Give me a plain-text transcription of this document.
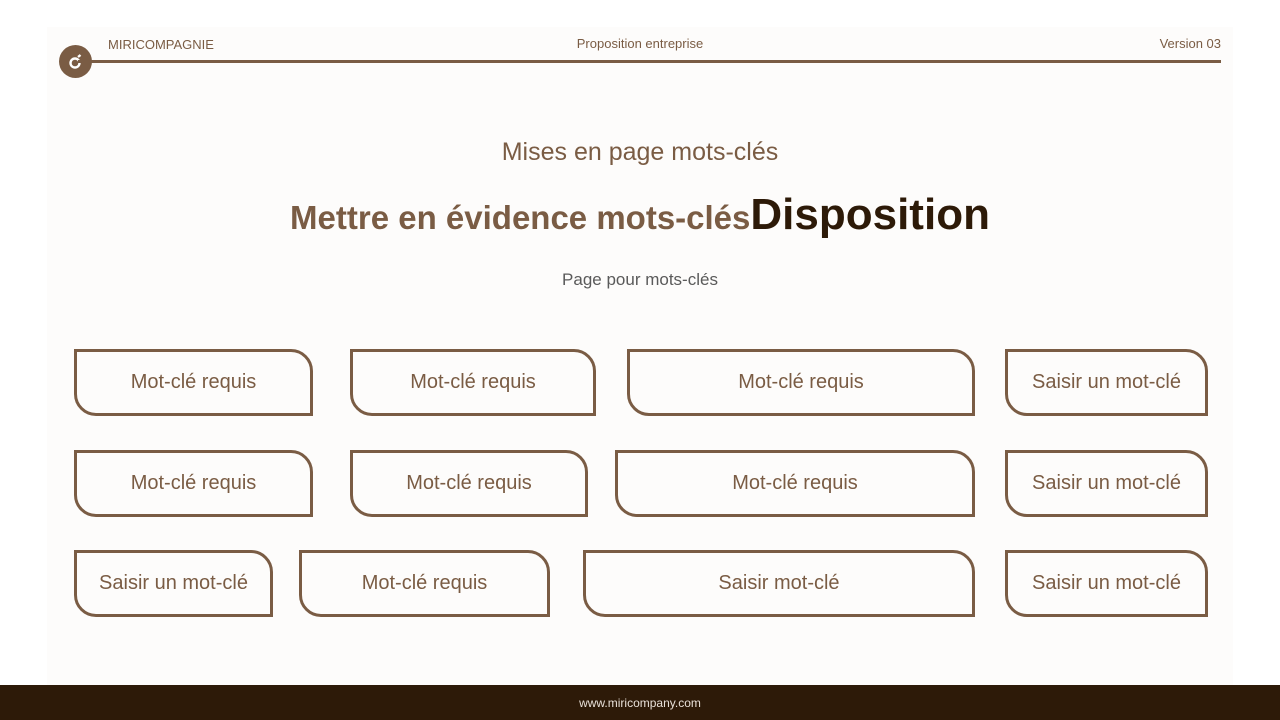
MIRICOMPAGNIE	Proposition entreprise	Version 03
Mises en page mots-clés
Mettre en évidence mots-clésDisposition
Page pour mots-clés
Mot-clé requis	Mot-clé requis	Mot-clé requis	Saisir un mot-clé
Mot-clé requis	Mot-clé requis	Mot-clé requis	Saisir un mot-clé
Saisir un mot-clé	Mot-clé requis	Saisir mot-clé	Saisir un mot-clé
www.miricompany.com
